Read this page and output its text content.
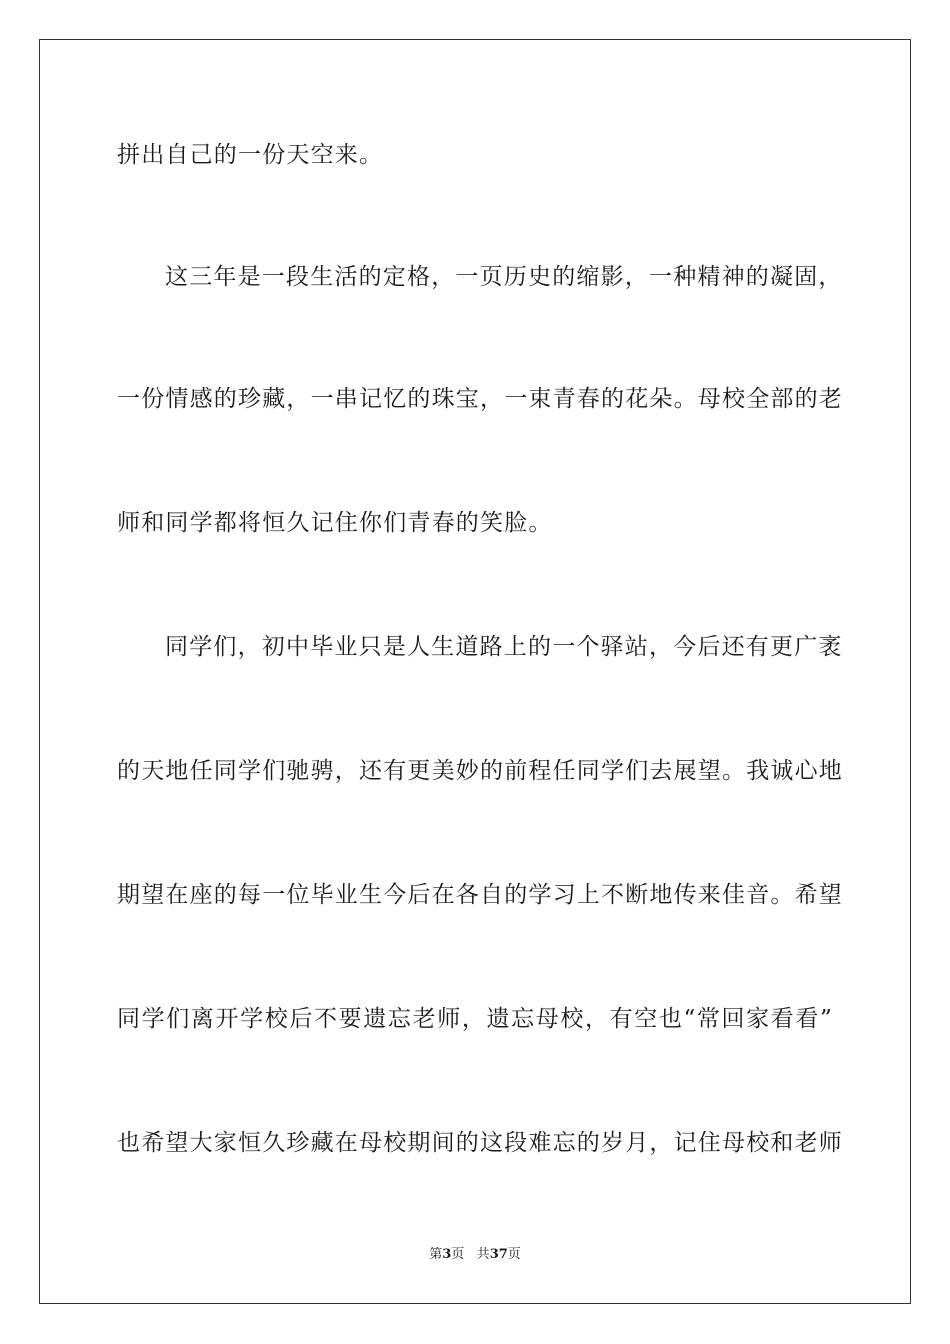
拼出自己的一份天空来。
这三年是一段生活的定格，一页历史的缩影，一种精神的凝固，
一份情感的珍藏，一串记忆的珠宝，一束青春的花朵。母校全部的老
师和同学都将恒久记住你们青春的笑脸。
同学们，初中毕业只是人生道路上的一个驿站，今后还有更广袤
的天地任同学们驰骋，还有更美妙的前程任同学们去展望。我诚心地
期望在座的每一位毕业生今后在各自的学习上不断地传来佳音。希望
同学们离开学校后不要遗忘老师，遗忘母校，有空也“常回家看看”
也希望大家恒久珍藏在母校期间的这段难忘的岁月，记住母校和老师
第3页 共37页
